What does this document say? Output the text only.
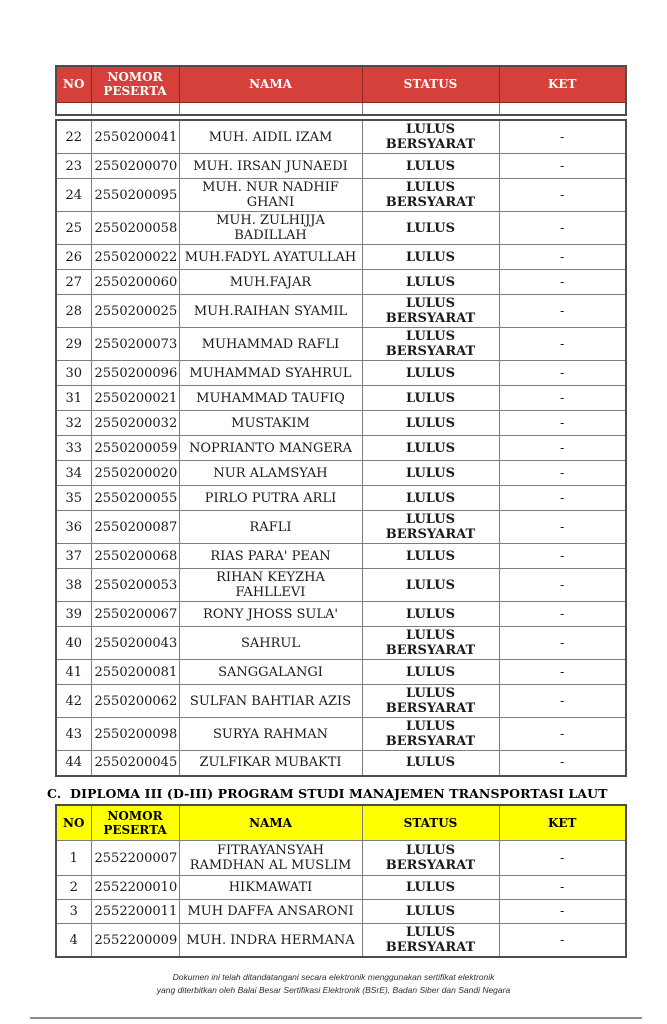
NO	NOMOR PESERTA	NAMA	STATUS	KET

22	2550200041	MUH. AIDIL IZAM	LULUS BERSYARAT	-
23	2550200070	MUH. IRSAN JUNAEDI	LULUS	-
24	2550200095	MUH. NUR NADHIF GHANI	LULUS BERSYARAT	-
25	2550200058	MUH. ZULHIJJA BADILLAH	LULUS	-
26	2550200022	MUH.FADYL AYATULLAH	LULUS	-
27	2550200060	MUH.FAJAR	LULUS	-
28	2550200025	MUH.RAIHAN SYAMIL	LULUS BERSYARAT	-
29	2550200073	MUHAMMAD RAFLI	LULUS BERSYARAT	-
30	2550200096	MUHAMMAD SYAHRUL	LULUS	-
31	2550200021	MUHAMMAD TAUFIQ	LULUS	-
32	2550200032	MUSTAKIM	LULUS	-
33	2550200059	NOPRIANTO MANGERA	LULUS	-
34	2550200020	NUR ALAMSYAH	LULUS	-
35	2550200055	PIRLO PUTRA ARLI	LULUS	-
36	2550200087	RAFLI	LULUS BERSYARAT	-
37	2550200068	RIAS PARA' PEAN	LULUS	-
38	2550200053	RIHAN KEYZHA FAHLLEVI	LULUS	-
39	2550200067	RONY JHOSS SULA'	LULUS	-
40	2550200043	SAHRUL	LULUS BERSYARAT	-
41	2550200081	SANGGALANGI	LULUS	-
42	2550200062	SULFAN BAHTIAR AZIS	LULUS BERSYARAT	-
43	2550200098	SURYA RAHMAN	LULUS BERSYARAT	-
44	2550200045	ZULFIKAR MUBAKTI	LULUS	-
C.  DIPLOMA III (D-III) PROGRAM STUDI MANAJEMEN TRANSPORTASI LAUT
NO	NOMOR PESERTA	NAMA	STATUS	KET
1	2552200007	FITRAYANSYAH RAMDHAN AL MUSLIM	LULUS BERSYARAT	-
2	2552200010	HIKMAWATI	LULUS	-
3	2552200011	MUH DAFFA ANSARONI	LULUS	-
4	2552200009	MUH. INDRA HERMANA	LULUS BERSYARAT	-
Dokumen ini telah ditandatangani secara elektronik menggunakan sertifikat elektronik
yang diterbitkan oleh Balai Besar Sertifikasi Elektronik (BSrE), Badan Siber dan Sandi Negara
